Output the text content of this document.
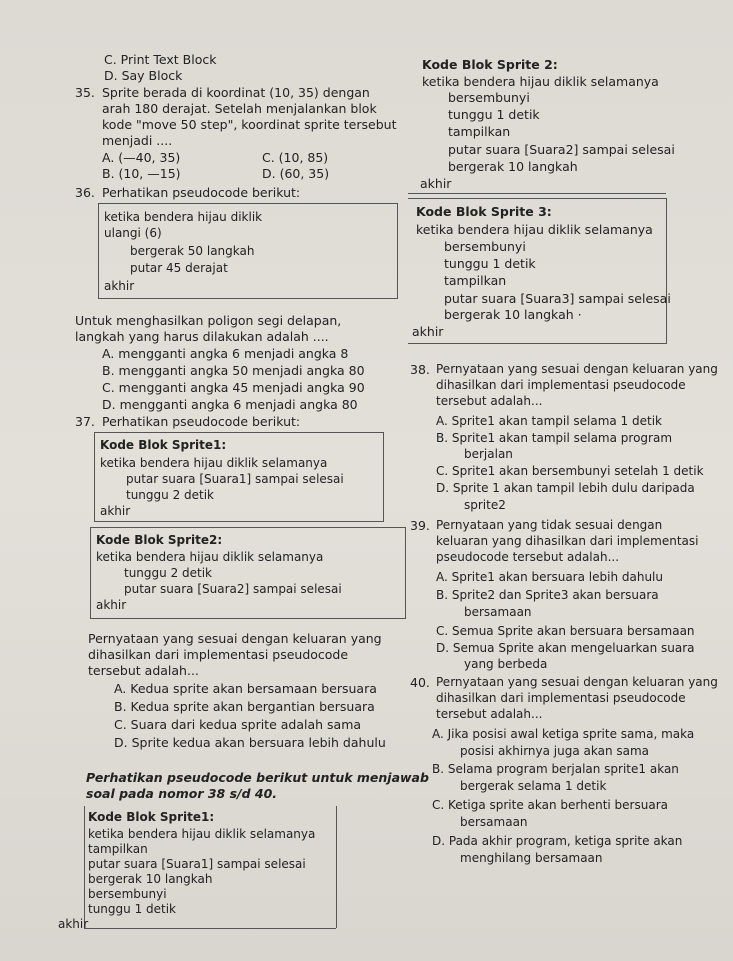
C. Print Text Block
D. Say Block
35. Sprite berada di koordinat (10, 35) dengan
arah 180 derajat. Setelah menjalankan blok
kode "move 50 step", koordinat sprite tersebut
menjadi ....
A. (—40, 35)	C. (10, 85)
B. (10, —15)	D. (60, 35)
36. Perhatikan pseudocode berikut:
ketika bendera hijau diklik
ulangi (6)
bergerak 50 langkah
putar 45 derajat
akhir
Untuk menghasilkan poligon segi delapan,
langkah yang harus dilakukan adalah ....
A. mengganti angka 6 menjadi angka 8
B. mengganti angka 50 menjadi angka 80
C. mengganti angka 45 menjadi angka 90
D. mengganti angka 6 menjadi angka 80
37. Perhatikan pseudocode berikut:
Kode Blok Sprite1:
ketika bendera hijau diklik selamanya
putar suara [Suara1] sampai selesai
tunggu 2 detik
akhir
Kode Blok Sprite2:
ketika bendera hijau diklik selamanya
tunggu 2 detik
putar suara [Suara2] sampai selesai
akhir
Pernyataan yang sesuai dengan keluaran yang
dihasilkan dari implementasi pseudocode
tersebut adalah...
A. Kedua sprite akan bersamaan bersuara
B. Kedua sprite akan bergantian bersuara
C. Suara dari kedua sprite adalah sama
D. Sprite kedua akan bersuara lebih dahulu
Perhatikan pseudocode berikut untuk menjawab
soal pada nomor 38 s/d 40.
Kode Blok Sprite1:
ketika bendera hijau diklik selamanya
tampilkan
putar suara [Suara1] sampai selesai
bergerak 10 langkah
bersembunyi
tunggu 1 detik
akhir
Kode Blok Sprite 2:
ketika bendera hijau diklik selamanya
bersembunyi
tunggu 1 detik
tampilkan
putar suara [Suara2] sampai selesai
bergerak 10 langkah
akhir
Kode Blok Sprite 3:
ketika bendera hijau diklik selamanya
bersembunyi
tunggu 1 detik
tampilkan
putar suara [Suara3] sampai selesai
bergerak 10 langkah ·
akhir
38. Pernyataan yang sesuai dengan keluaran yang
dihasilkan dari implementasi pseudocode
tersebut adalah...
A. Sprite1 akan tampil selama 1 detik
B. Sprite1 akan tampil selama program
berjalan
C. Sprite1 akan bersembunyi setelah 1 detik
D. Sprite 1 akan tampil lebih dulu daripada
sprite2
39. Pernyataan yang tidak sesuai dengan
keluaran yang dihasilkan dari implementasi
pseudocode tersebut adalah...
A. Sprite1 akan bersuara lebih dahulu
B. Sprite2 dan Sprite3 akan bersuara
bersamaan
C. Semua Sprite akan bersuara bersamaan
D. Semua Sprite akan mengeluarkan suara
yang berbeda
40. Pernyataan yang sesuai dengan keluaran yang
dihasilkan dari implementasi pseudocode
tersebut adalah...
A. Jika posisi awal ketiga sprite sama, maka
posisi akhirnya juga akan sama
B. Selama program berjalan sprite1 akan
bergerak selama 1 detik
C. Ketiga sprite akan berhenti bersuara
bersamaan
D. Pada akhir program, ketiga sprite akan
menghilang bersamaan
